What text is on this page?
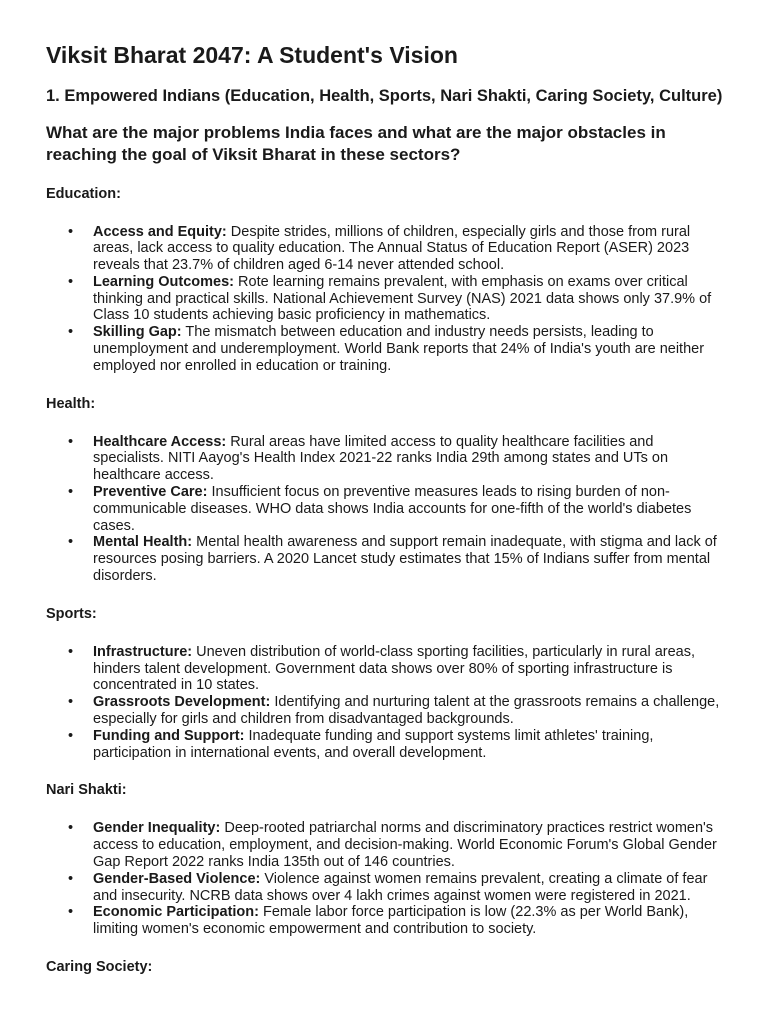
Viksit Bharat 2047: A Student's Vision
1. Empowered Indians (Education, Health, Sports, Nari Shakti, Caring Society, Culture)
What are the major problems India faces and what are the major obstacles in reaching the goal of Viksit Bharat in these sectors?
Education:
• Access and Equity: Despite strides, millions of children, especially girls and those from rural areas, lack access to quality education. The Annual Status of Education Report (ASER) 2023 reveals that 23.7% of children aged 6-14 never attended school.
• Learning Outcomes: Rote learning remains prevalent, with emphasis on exams over critical thinking and practical skills. National Achievement Survey (NAS) 2021 data shows only 37.9% of Class 10 students achieving basic proficiency in mathematics.
• Skilling Gap: The mismatch between education and industry needs persists, leading to unemployment and underemployment. World Bank reports that 24% of India's youth are neither employed nor enrolled in education or training.
Health:
• Healthcare Access: Rural areas have limited access to quality healthcare facilities and specialists. NITI Aayog's Health Index 2021-22 ranks India 29th among states and UTs on healthcare access.
• Preventive Care: Insufficient focus on preventive measures leads to rising burden of non-communicable diseases. WHO data shows India accounts for one-fifth of the world's diabetes cases.
• Mental Health: Mental health awareness and support remain inadequate, with stigma and lack of resources posing barriers. A 2020 Lancet study estimates that 15% of Indians suffer from mental disorders.
Sports:
• Infrastructure: Uneven distribution of world-class sporting facilities, particularly in rural areas, hinders talent development. Government data shows over 80% of sporting infrastructure is concentrated in 10 states.
• Grassroots Development: Identifying and nurturing talent at the grassroots remains a challenge, especially for girls and children from disadvantaged backgrounds.
• Funding and Support: Inadequate funding and support systems limit athletes' training, participation in international events, and overall development.
Nari Shakti:
• Gender Inequality: Deep-rooted patriarchal norms and discriminatory practices restrict women's access to education, employment, and decision-making. World Economic Forum's Global Gender Gap Report 2022 ranks India 135th out of 146 countries.
• Gender-Based Violence: Violence against women remains prevalent, creating a climate of fear and insecurity. NCRB data shows over 4 lakh crimes against women were registered in 2021.
• Economic Participation: Female labor force participation is low (22.3% as per World Bank), limiting women's economic empowerment and contribution to society.
Caring Society:
